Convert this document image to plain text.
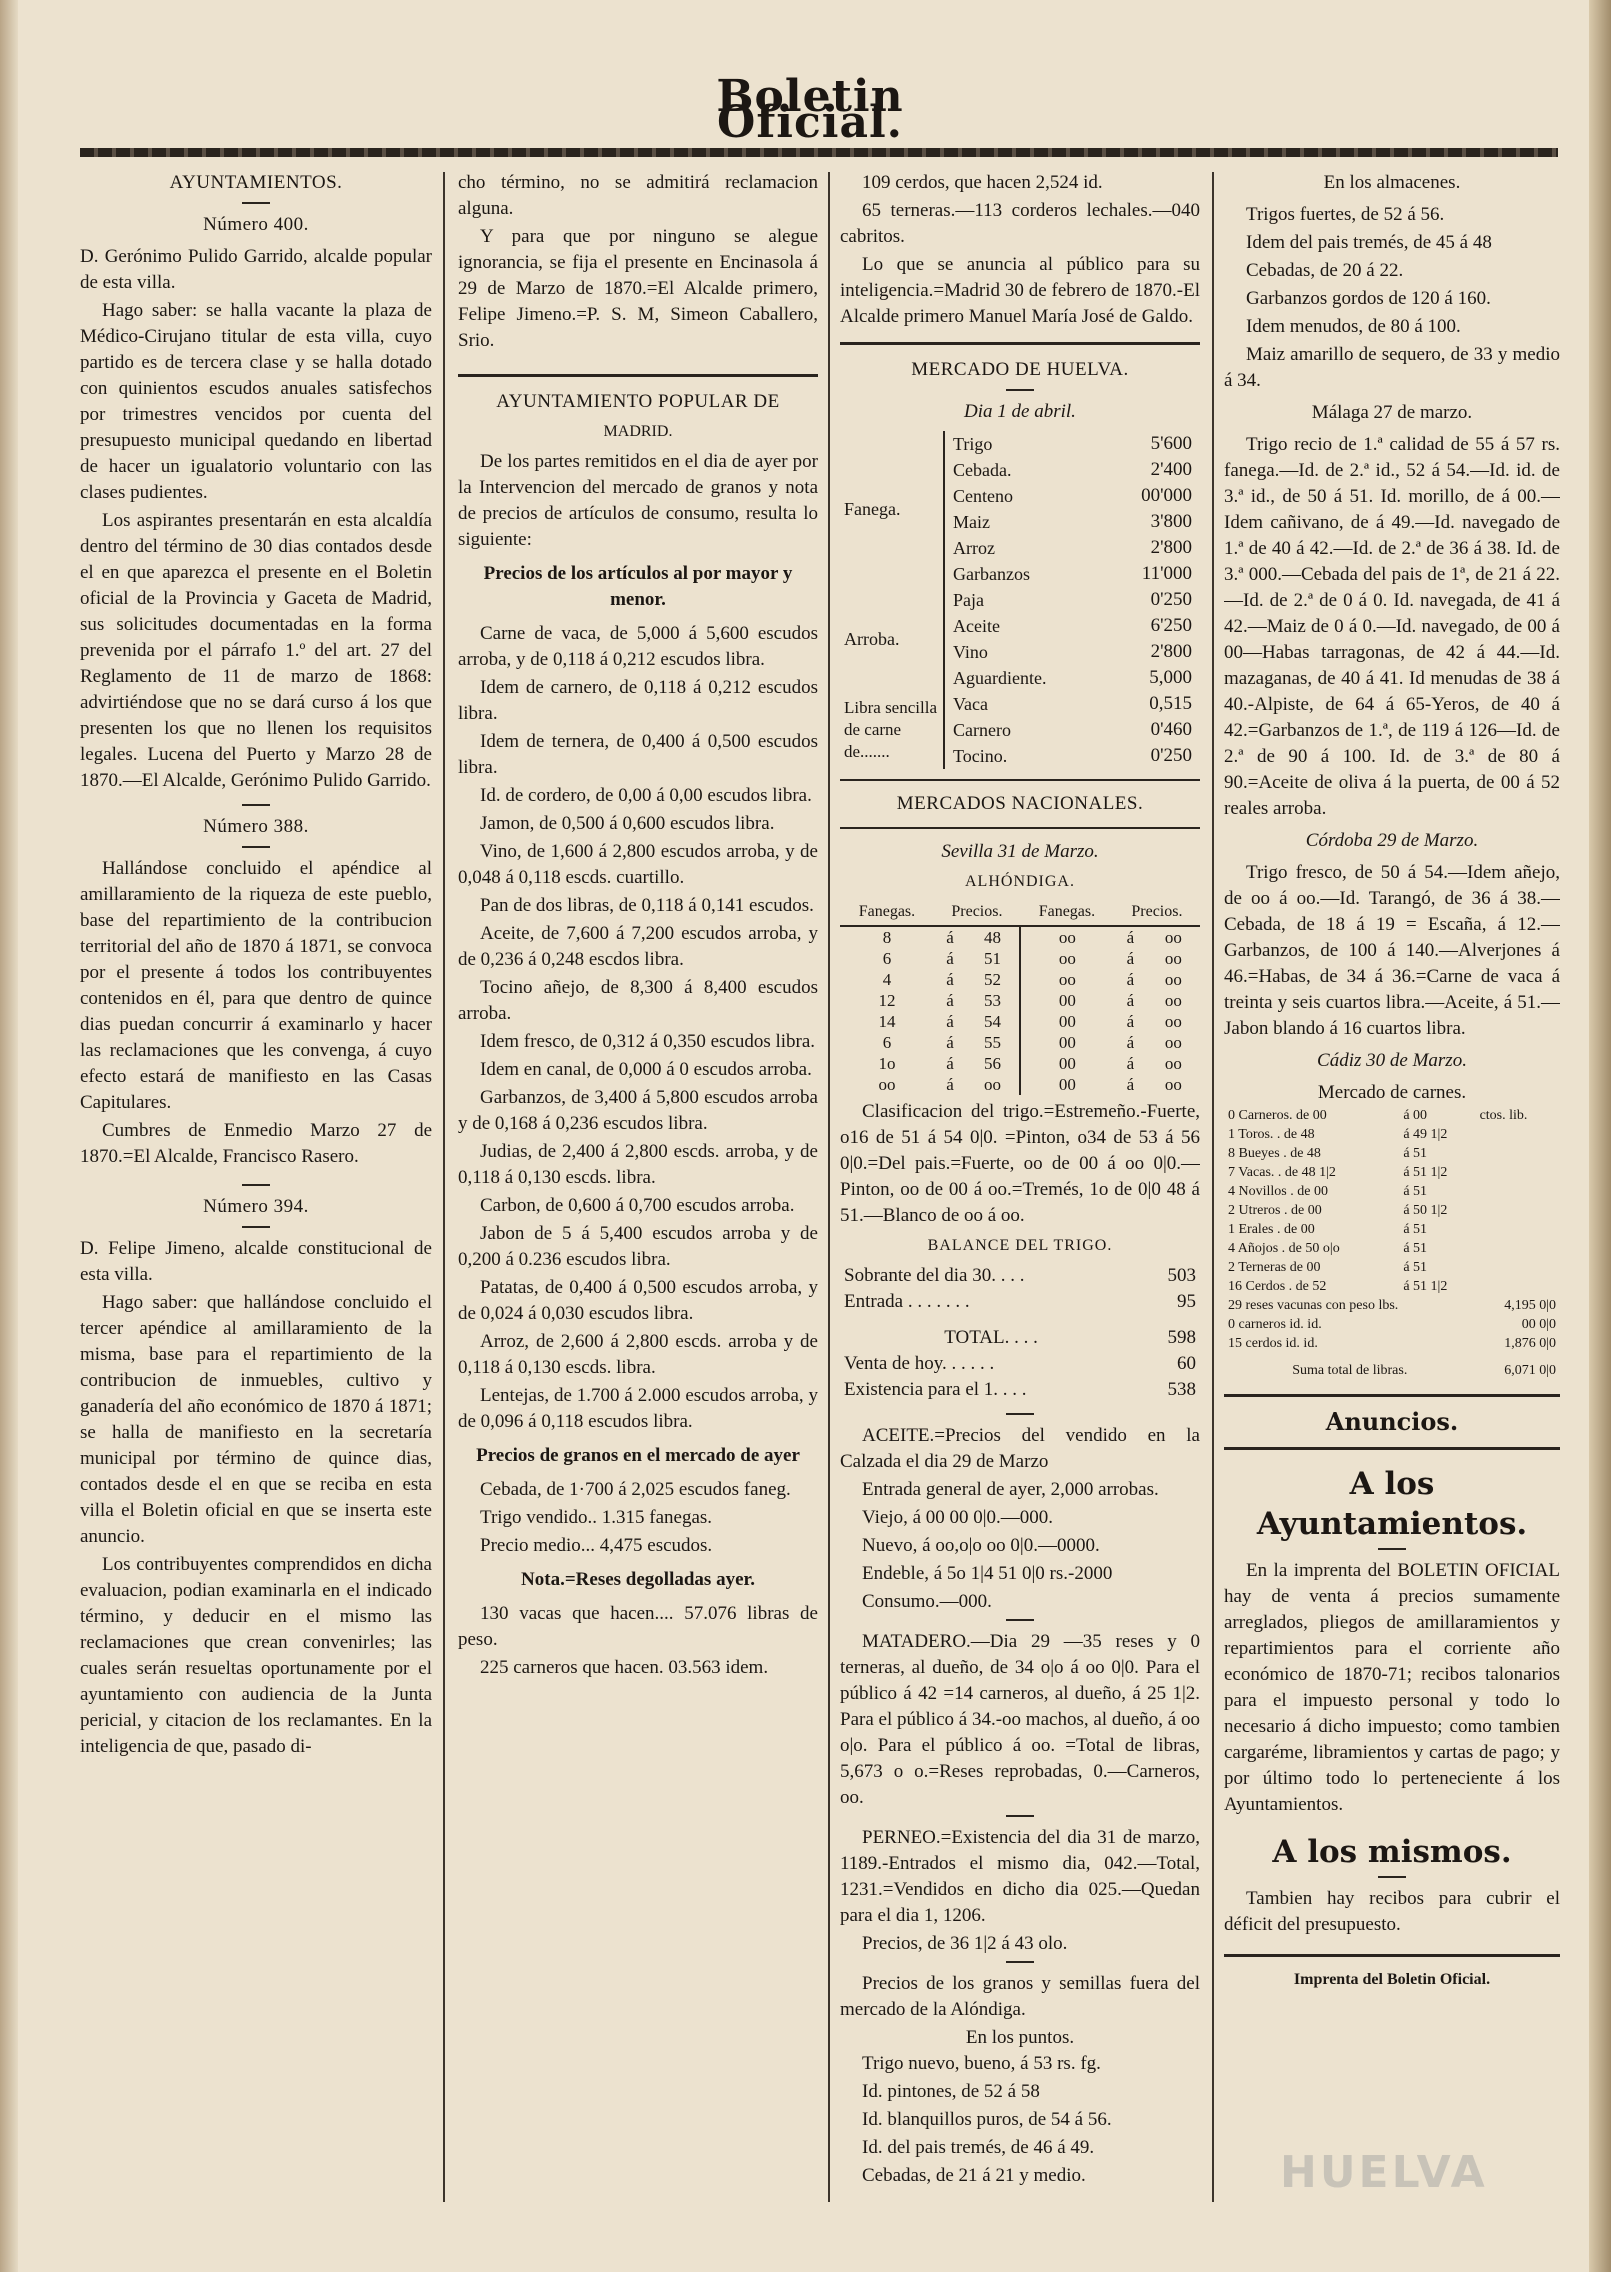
Boletin Oficial.
AYUNTAMIENTOS.
Número 400.

D. Gerónimo Pulido Garrido, alcalde popular de esta villa.

Hago saber: se halla vacante la plaza de Médico-Cirujano titular de esta villa, cuyo partido es de tercera clase y se halla dotado con quinientos escudos anuales satisfechos por trimestres vencidos por cuenta del presupuesto municipal quedando en libertad de hacer un igualatorio voluntario con las clases pudientes.

Los aspirantes presentarán en esta alcaldía dentro del término de 30 dias contados desde el en que aparezca el presente en el Boletin oficial de la Provincia y Gaceta de Madrid, sus solicitudes documentadas en la forma prevenida por el párrafo 1.º del art. 27 del Reglamento de 11 de marzo de 1868: advirtiéndose que no se dará curso á los que presenten los que no llenen los requisitos legales. Lucena del Puerto y Marzo 28 de 1870.—El Alcalde, Gerónimo Pulido Garrido.

Número 388.

Hallándose concluido el apéndice al amillaramiento de la riqueza de este pueblo, base del repartimiento de la contribucion territorial del año de 1870 á 1871, se convoca por el presente á todos los contribuyentes contenidos en él, para que dentro de quince dias puedan concurrir á examinarlo y hacer las reclamaciones que les convenga, á cuyo efecto estará de manifiesto en las Casas Capitulares.

Cumbres de Enmedio Marzo 27 de 1870.=El Alcalde, Francisco Rasero.

Número 394.

D. Felipe Jimeno, alcalde constitucional de esta villa.

Hago saber: que hallándose concluido el tercer apéndice al amillaramiento de la misma, base para el repartimiento de la contribucion de inmuebles, cultivo y ganadería del año económico de 1870 á 1871; se halla de manifiesto en la secretaría municipal por término de quince dias, contados desde el en que se reciba en esta villa el Boletin oficial en que se inserta este anuncio.

Los contribuyentes comprendidos en dicha evaluacion, podian examinarla en el indicado término, y deducir en el mismo las reclamaciones que crean convenirles; las cuales serán resueltas oportunamente por el ayuntamiento con audiencia de la Junta pericial, y citacion de los reclamantes. En la inteligencia de que, pasado di-

cho término, no se admitirá reclamacion alguna.

Y para que por ninguno se alegue ignorancia, se fija el presente en Encinasola á 29 de Marzo de 1870.=El Alcalde primero, Felipe Jimeno.=P. S. M, Simeon Caballero, Srio.

AYUNTAMIENTO POPULAR DE
MADRID.

De los partes remitidos en el dia de ayer por la Intervencion del mercado de granos y nota de precios de artículos de consumo, resulta lo siguiente:

Precios de los artículos al por mayor y menor.

Carne de vaca, de 5,000 á 5,600 escudos arroba, y de 0,118 á 0,212 escudos libra.

Idem de carnero, de 0,118 á 0,212 escudos libra.

Idem de ternera, de 0,400 á 0,500 escudos libra.

Id. de cordero, de 0,00 á 0,00 escudos libra.

Jamon, de 0,500 á 0,600 escudos libra.

Vino, de 1,600 á 2,800 escudos arroba, y de 0,048 á 0,118 escds. cuartillo.

Pan de dos libras, de 0,118 á 0,141 escudos.

Aceite, de 7,600 á 7,200 escudos arroba, y de 0,236 á 0,248 escdos libra.

Tocino añejo, de 8,300 á 8,400 escudos arroba.

Idem fresco, de 0,312 á 0,350 escudos libra.

Idem en canal, de 0,000 á 0 escudos arroba.

Garbanzos, de 3,400 á 5,800 escudos arroba y de 0,168 á 0,236 escudos libra.

Judias, de 2,400 á 2,800 escds. arroba, y de 0,118 á 0,130 escds. libra.

Carbon, de 0,600 á 0,700 escudos arroba.

Jabon de 5 á 5,400 escudos arroba y de 0,200 á 0.236 escudos libra.

Patatas, de 0,400 á 0,500 escudos arroba, y de 0,024 á 0,030 escudos libra.

Arroz, de 2,600 á 2,800 escds. arroba y de 0,118 á 0,130 escds. libra.

Lentejas, de 1.700 á 2.000 escudos arroba, y de 0,096 á 0,118 escudos libra.

Precios de granos en el mercado de ayer

Cebada, de 1·700 á 2,025 escudos faneg.

Trigo vendido.. 1.315 fanegas.

Precio medio... 4,475 escudos.

Nota.=Reses degolladas ayer.

130 vacas que hacen.... 57.076 libras de peso.

225 carneros que hacen. 03.563 idem.

109 cerdos, que hacen 2,524 id.

65 terneras.—113 corderos lechales.—040 cabritos.

Lo que se anuncia al público para su inteligencia.=Madrid 30 de febrero de 1870.-El Alcalde primero Manuel María José de Galdo.

MERCADO DE HUELVA.
Dia 1 de abril.
Fanega.	
Trigo	5'600
Cebada.	2'400
Centeno	00'000
Maiz	3'800
Arroz	2'800
Garbanzos	11'000

Arroba.	
Paja	0'250
Aceite	6'250
Vino	2'800
Aguardiente.	5,000

Libra sencilla de carne de.......	
Vaca	0,515
Carnero	0'460
Tocino.	0'250
MERCADOS NACIONALES.
Sevilla 31 de Marzo.
ALHÓNDIGA.
Fanegas.	Precios.		Fanegas.	Precios.	
8	á	48	oo	á	oo
6	á	51	oo	á	oo
4	á	52	oo	á	oo
12	á	53	00	á	oo
14	á	54	00	á	oo
6	á	55	00	á	oo
1o	á	56	00	á	oo
oo	á	oo	00	á	oo

Clasificacion del trigo.=Estremeño.-Fuerte, o16 de 51 á 54 0|0. =Pinton, o34 de 53 á 56 0|0.=Del pais.=Fuerte, oo de 00 á oo 0|0.—Pinton, oo de 00 á oo.=Tremés, 1o de 0|0 48 á 51.—Blanco de oo á oo.

BALANCE DEL TRIGO.
Sobrante del dia 30. . . .	503
Entrada . . . . . . .	95
TOTAL. . . .	598
Venta de hoy. . . . . .	60
Existencia para el 1. . . .	538

ACEITE.=Precios del vendido en la Calzada el dia 29 de Marzo

Entrada general de ayer, 2,000 arrobas.

Viejo, á 00 00 0|0.—000.

Nuevo, á oo,o|o oo 0|0.—0000.

Endeble, á 5o 1|4 51 0|0 rs.-2000

Consumo.—000.

MATADERO.—Dia 29 —35 reses y 0 terneras, al dueño, de 34 o|o á oo 0|0. Para el público á 42 =14 carneros, al dueño, á 25 1|2. Para el público á 34.-oo machos, al dueño, á oo o|o. Para el público á oo. =Total de libras, 5,673 o o.=Reses reprobadas, 0.—Carneros, oo.

PERNEO.=Existencia del dia 31 de marzo, 1189.-Entrados el mismo dia, 042.—Total, 1231.=Vendidos en dicho dia 025.—Quedan para el dia 1, 1206.

Precios, de 36 1|2 á 43 olo.

Precios de los granos y semillas fuera del mercado de la Alóndiga.

En los puntos.

Trigo nuevo, bueno, á 53 rs. fg.

Id. pintones, de 52 á 58

Id. blanquillos puros, de 54 á 56.

Id. del pais tremés, de 46 á 49.

Cebadas, de 21 á 21 y medio.

En los almacenes.

Trigos fuertes, de 52 á 56.

Idem del pais tremés, de 45 á 48

Cebadas, de 20 á 22.

Garbanzos gordos de 120 á 160.

Idem menudos, de 80 á 100.

Maiz amarillo de sequero, de 33 y medio á 34.

Málaga 27 de marzo.

Trigo recio de 1.ª calidad de 55 á 57 rs. fanega.—Id. de 2.ª id., 52 á 54.—Id. id. de 3.ª id., de 50 á 51. Id. morillo, de á 00.—Idem cañivano, de á 49.—Id. navegado de 1.ª de 40 á 42.—Id. de 2.ª de 36 á 38. Id. de 3.ª 000.—Cebada del pais de 1ª, de 21 á 22.—Id. de 2.ª de 0 á 0. Id. navegada, de 41 á 42.—Maiz de 0 á 0.—Id. navegado, de 00 á 00—Habas tarragonas, de 42 á 44.—Id. mazaganas, de 40 á 41. Id menudas de 38 á 40.-Alpiste, de 64 á 65-Yeros, de 40 á 42.=Garbanzos de 1.ª, de 119 á 126—Id. de 2.ª de 90 á 100. Id. de 3.ª de 80 á 90.=Aceite de oliva á la puerta, de 00 á 52 reales arroba.

Córdoba 29 de Marzo.

Trigo fresco, de 50 á 54.—Idem añejo, de oo á oo.—Id. Tarangó, de 36 á 38.—Cebada, de 18 á 19 = Escaña, á 12.—Garbanzos, de 100 á 140.—Alverjones á 46.=Habas, de 34 á 36.=Carne de vaca á treinta y seis cuartos libra.—Aceite, á 51.—Jabon blando á 16 cuartos libra.

Cádiz 30 de Marzo.
Mercado de carnes.
0 Carneros. de 00	á 00	ctos. lib.
1 Toros. . de 48	á 49 1|2	
8 Bueyes . de 48	á 51	
7 Vacas. . de 48 1|2	á 51 1|2	
4 Novillos . de 00	á 51	
2 Utreros . de 00	á 50 1|2	
1 Erales . de 00	á 51	
4 Añojos . de 50 o|o	á 51	
2 Terneras de 00	á 51	
16 Cerdos . de 52	á 51 1|2	
29 reses vacunas con peso lbs.		4,195 0|0
0 carneros id. id.		00 0|0
15 cerdos id. id.		1,876 0|0
Suma total de libras.		6,071 0|0
Anuncios.
A los Ayuntamientos.

En la imprenta del BOLETIN OFICIAL hay de venta á precios sumamente arreglados, pliegos de amillaramientos y repartimientos para el corriente año económico de 1870-71; recibos talonarios para el impuesto personal y todo lo necesario á dicho impuesto; como tambien cargaréme, libramientos y cartas de pago; y por último todo lo perteneciente á los Ayuntamientos.

A los mismos.

Tambien hay recibos para cubrir el déficit del presupuesto.

Imprenta del Boletin Oficial.
HUELVA
